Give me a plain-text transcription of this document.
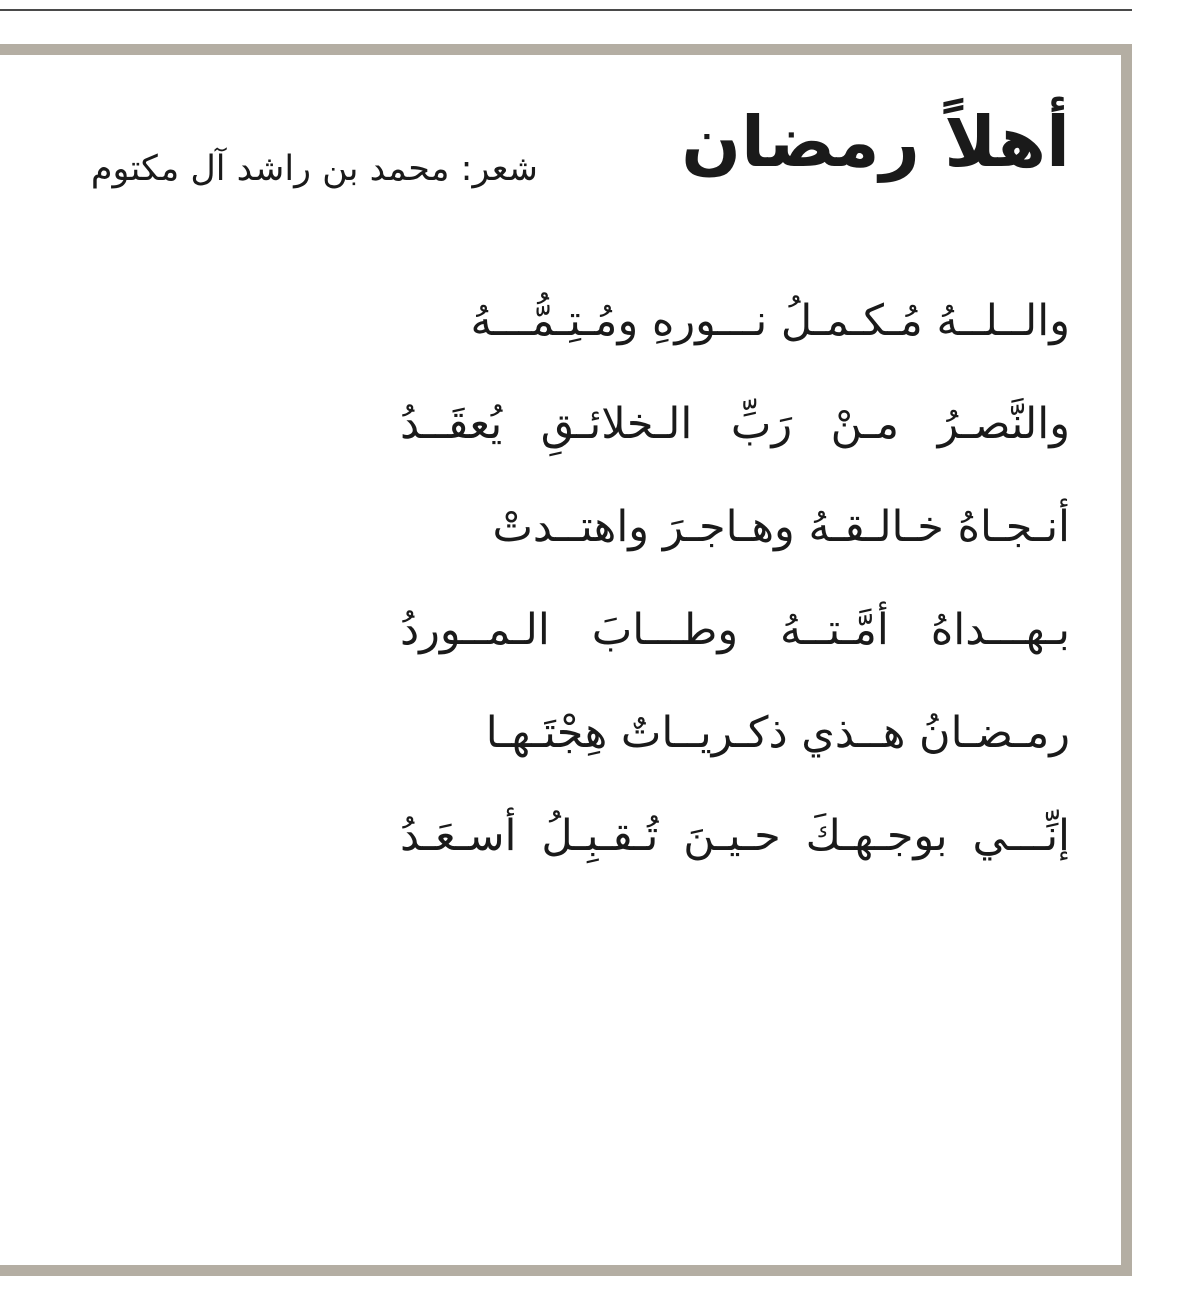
أهلاً رمضان
شعر: محمد بن راشد آل مكتوم
والــلــهُ مُـكـمـلُ نـــورهِ ومُـتِـمُّـــهُ
والنَّصـرُ مـنْ رَبِّ الـخلائـقِ يُعقَــدُ
أنـجـاهُ خـالـقـهُ وهـاجـرَ واهتــدتْ
بـهـــداهُ أمَّـتــهُ وطـــابَ الـمــوردُ
رمـضـانُ هــذي ذكـريــاتٌ هِجْتَـهـا
إنِّـــي بوجـهـكَ حـيـنَ تُـقـبِـلُ أسـعَـدُ
